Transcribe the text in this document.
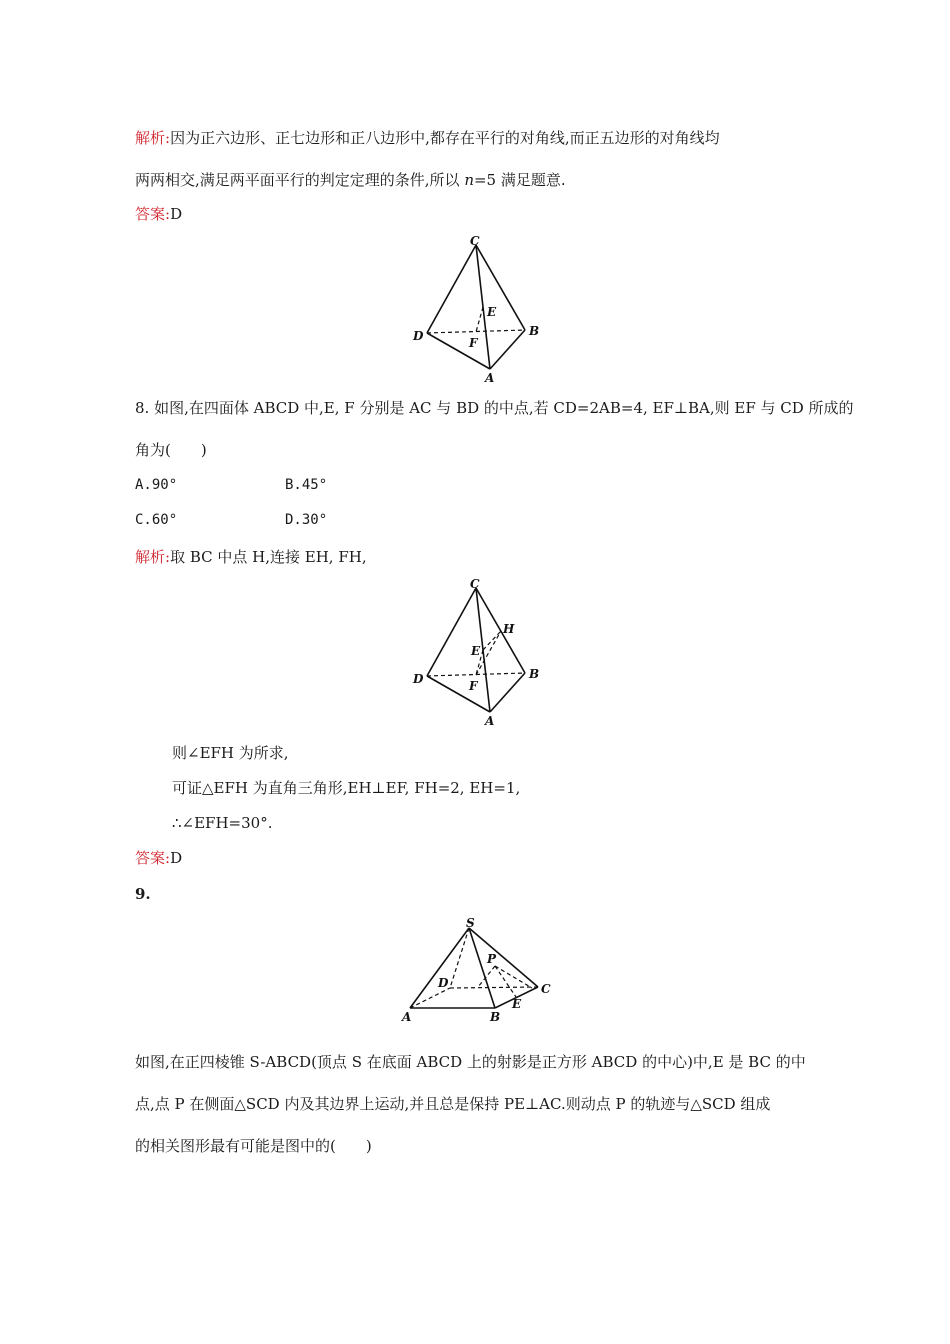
解析:因为正六边形、正七边形和正八边形中,都存在平行的对角线,而正五边形的对角线均
两两相交,满足两平面平行的判定定理的条件,所以 n=5 满足题意.
答案:D
C
E
D	B
F
A
8. 如图,在四面体 ABCD 中,E, F 分别是 AC 与 BD 的中点,若 CD=2AB=4, EF⊥BA,则 EF 与 CD 所成的
角为(　　)
A.90°	B.45°
C.60°	D.30°
解析:取 BC 中点 H,连接 EH, FH,
C
H
E
D	B
F
A
则∠EFH 为所求,
可证△EFH 为直角三角形,EH⊥EF, FH=2, EH=1,
∴∠EFH=30°.
答案:D
9.
S
P
D	C
A	B
E
如图,在正四棱锥 S-ABCD(顶点 S 在底面 ABCD 上的射影是正方形 ABCD 的中心)中,E 是 BC 的中
点,点 P 在侧面△SCD 内及其边界上运动,并且总是保持 PE⊥AC.则动点 P 的轨迹与△SCD 组成
的相关图形最有可能是图中的(　　)
